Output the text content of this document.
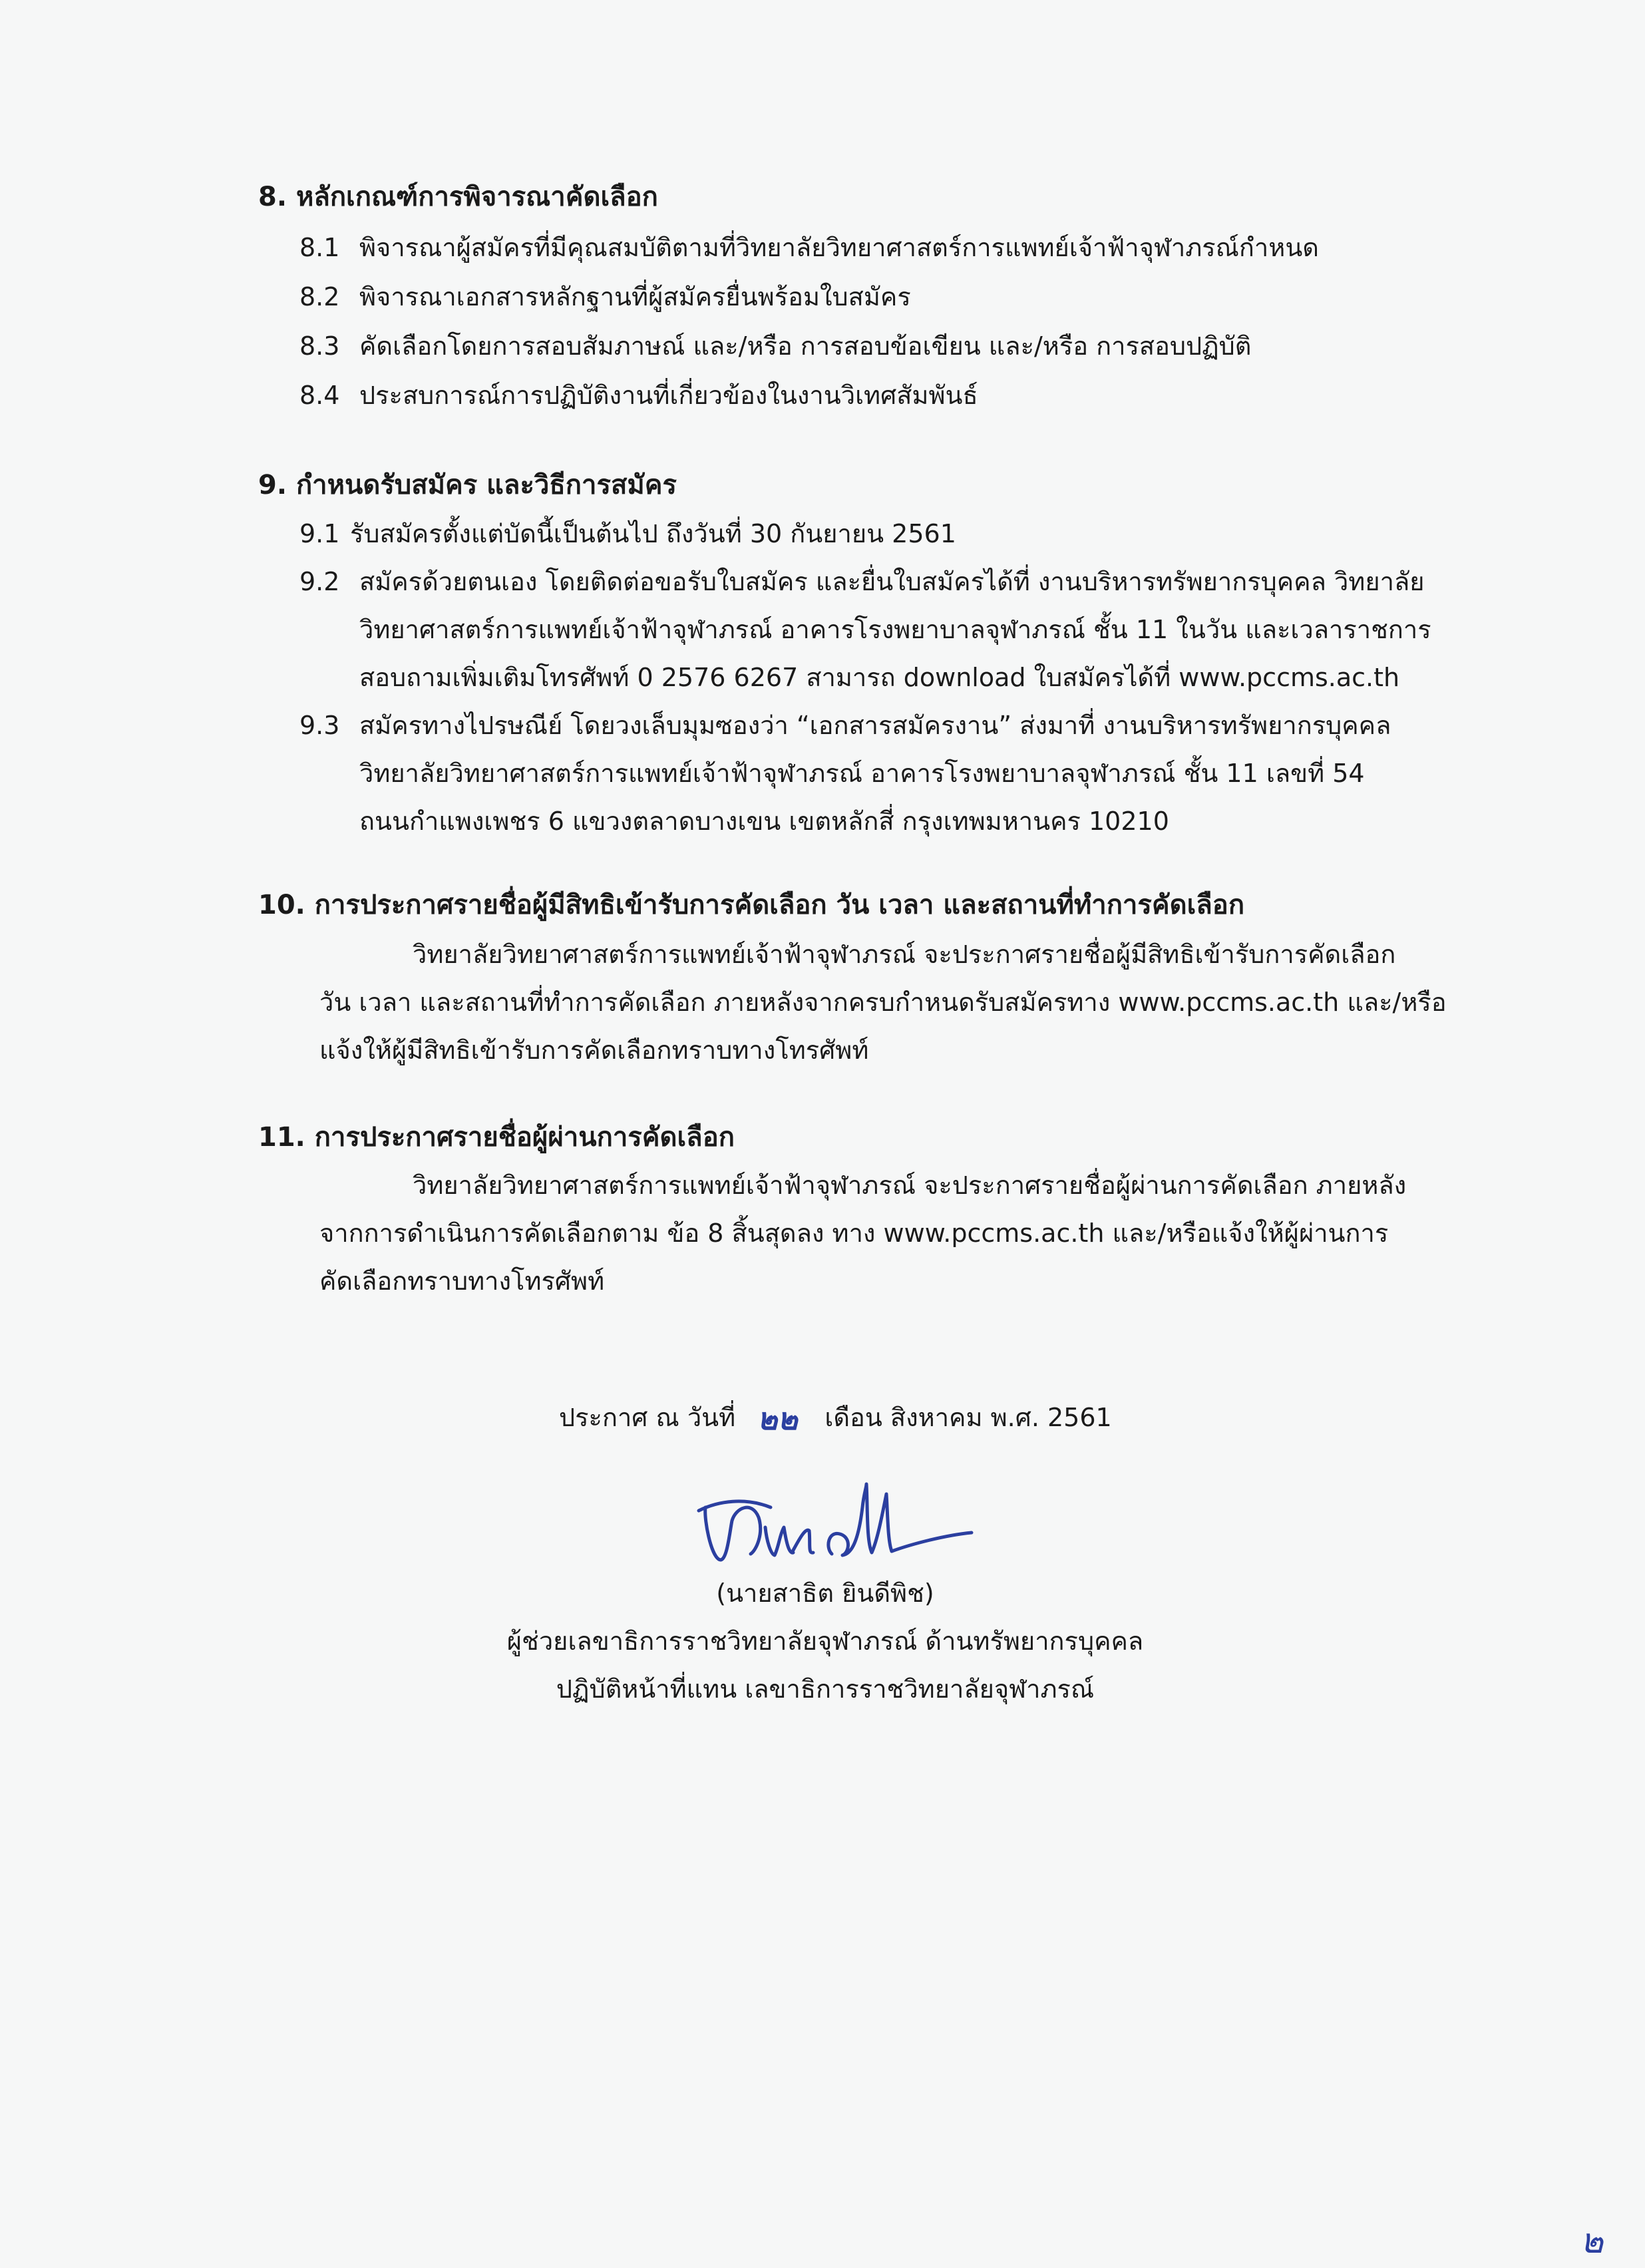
8. หลักเกณฑ์การพิจารณาคัดเลือก
8.1 พิจารณาผู้สมัครที่มีคุณสมบัติตามที่วิทยาลัยวิทยาศาสตร์การแพทย์เจ้าฟ้าจุฬาภรณ์กำหนด
8.2 พิจารณาเอกสารหลักฐานที่ผู้สมัครยื่นพร้อมใบสมัคร
8.3 คัดเลือกโดยการสอบสัมภาษณ์ และ/หรือ การสอบข้อเขียน และ/หรือ การสอบปฏิบัติ
8.4 ประสบการณ์การปฏิบัติงานที่เกี่ยวข้องในงานวิเทศสัมพันธ์
9. กำหนดรับสมัคร และวิธีการสมัคร
9.1 รับสมัครตั้งแต่บัดนี้เป็นต้นไป ถึงวันที่ 30 กันยายน 2561
9.2 สมัครด้วยตนเอง โดยติดต่อขอรับใบสมัคร และยื่นใบสมัครได้ที่ งานบริหารทรัพยากรบุคคล วิทยาลัย
วิทยาศาสตร์การแพทย์เจ้าฟ้าจุฬาภรณ์ อาคารโรงพยาบาลจุฬาภรณ์ ชั้น 11 ในวัน และเวลาราชการ
สอบถามเพิ่มเติมโทรศัพท์ 0 2576 6267 สามารถ download ใบสมัครได้ที่ www.pccms.ac.th
9.3 สมัครทางไปรษณีย์ โดยวงเล็บมุมซองว่า “เอกสารสมัครงาน” ส่งมาที่ งานบริหารทรัพยากรบุคคล
วิทยาลัยวิทยาศาสตร์การแพทย์เจ้าฟ้าจุฬาภรณ์ อาคารโรงพยาบาลจุฬาภรณ์ ชั้น 11 เลขที่ 54
ถนนกำแพงเพชร 6 แขวงตลาดบางเขน เขตหลักสี่ กรุงเทพมหานคร 10210
10. การประกาศรายชื่อผู้มีสิทธิเข้ารับการคัดเลือก วัน เวลา และสถานที่ทำการคัดเลือก
วิทยาลัยวิทยาศาสตร์การแพทย์เจ้าฟ้าจุฬาภรณ์ จะประกาศรายชื่อผู้มีสิทธิเข้ารับการคัดเลือก
วัน เวลา และสถานที่ทำการคัดเลือก ภายหลังจากครบกำหนดรับสมัครทาง www.pccms.ac.th และ/หรือ
แจ้งให้ผู้มีสิทธิเข้ารับการคัดเลือกทราบทางโทรศัพท์
11. การประกาศรายชื่อผู้ผ่านการคัดเลือก
วิทยาลัยวิทยาศาสตร์การแพทย์เจ้าฟ้าจุฬาภรณ์ จะประกาศรายชื่อผู้ผ่านการคัดเลือก ภายหลัง
จากการดำเนินการคัดเลือกตาม ข้อ 8 สิ้นสุดลง ทาง www.pccms.ac.th และ/หรือแจ้งให้ผู้ผ่านการ
คัดเลือกทราบทางโทรศัพท์
ประกาศ ณ วันที่	เดือน สิงหาคม พ.ศ. 2561
๒๒
(นายสาธิต ยินดีพิช)
ผู้ช่วยเลขาธิการราชวิทยาลัยจุฬาภรณ์ ด้านทรัพยากรบุคคล
ปฏิบัติหน้าที่แทน เลขาธิการราชวิทยาลัยจุฬาภรณ์
๒
